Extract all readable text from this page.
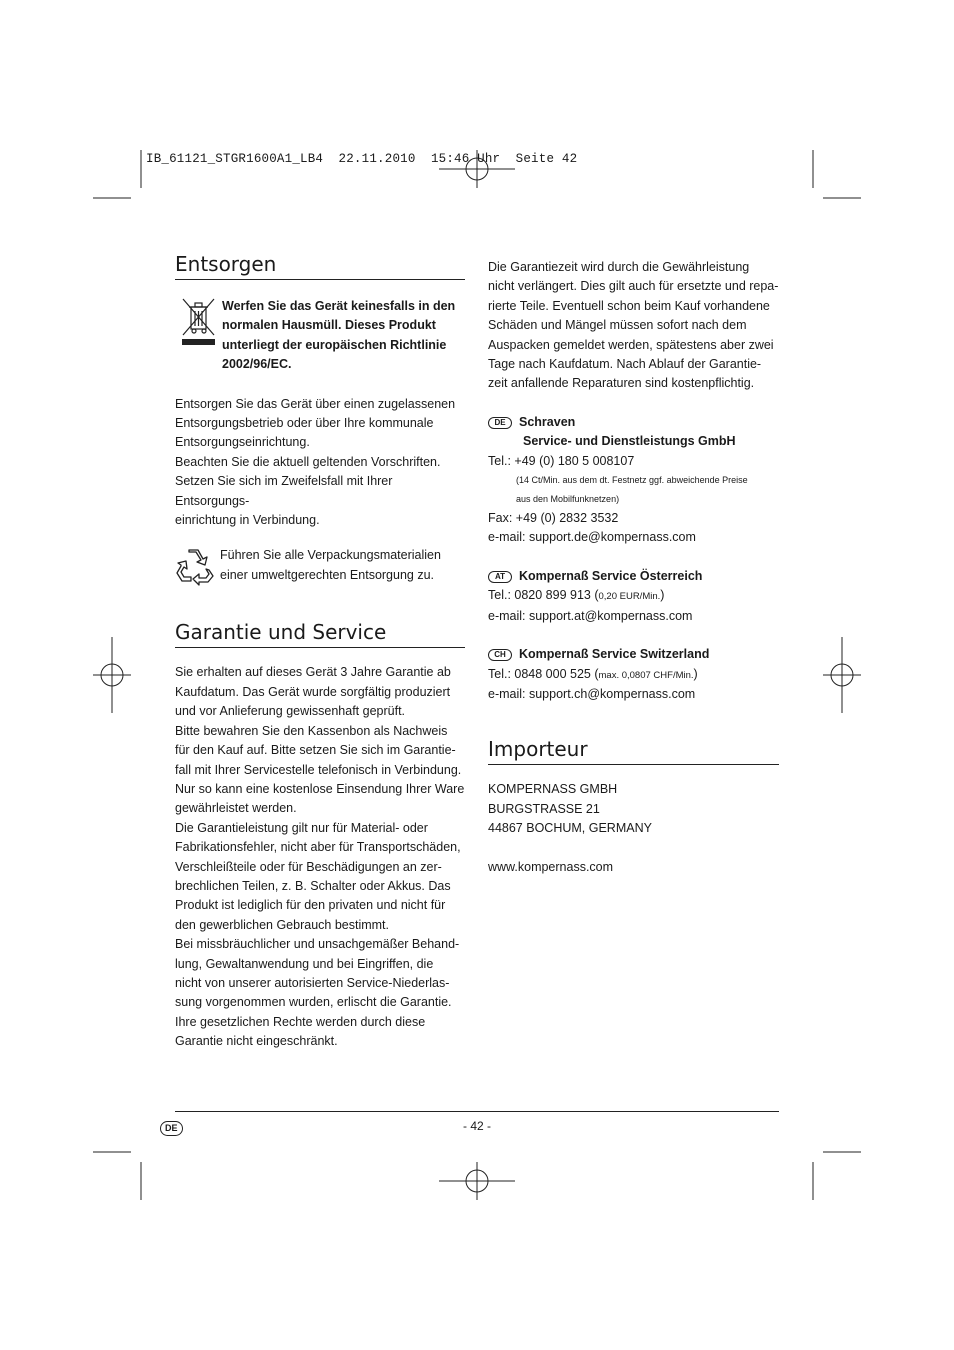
IB_61121_STGR1600A1_LB4  22.11.2010  15:46 Uhr  Seite 42
Entsorgen
Werfen Sie das Gerät keinesfalls in den
normalen Hausmüll. Dieses Produkt
unterliegt der europäischen Richtlinie
2002/96/EC.

Entsorgen Sie das Gerät über einen zugelassenen
Entsorgungsbetrieb oder über Ihre kommunale
Entsorgungseinrichtung.
Beachten Sie die aktuell geltenden Vorschriften.
Setzen Sie sich im Zweifelsfall mit Ihrer Entsorgungs-
einrichtung in Verbindung.

Führen Sie alle Verpackungsmaterialien
einer umweltgerechten Entsorgung zu.

Garantie und Service

Sie erhalten auf dieses Gerät 3 Jahre Garantie ab
Kaufdatum. Das Gerät wurde sorgfältig produziert
und vor Anlieferung gewissenhaft geprüft.
Bitte bewahren Sie den Kassenbon als Nachweis
für den Kauf auf. Bitte setzen Sie sich im Garantie-
fall mit Ihrer Servicestelle telefonisch in Verbindung.
Nur so kann eine kostenlose Einsendung Ihrer Ware
gewährleistet werden.
Die Garantieleistung gilt nur für Material- oder
Fabrikationsfehler, nicht aber für Transportschäden,
Verschleißteile oder für Beschädigungen an zer-
brechlichen Teilen, z. B. Schalter oder Akkus. Das
Produkt ist lediglich für den privaten und nicht für
den gewerblichen Gebrauch bestimmt.
Bei missbräuchlicher und unsachgemäßer Behand-
lung, Gewaltanwendung und bei Eingriffen, die
nicht von unserer autorisierten Service-Niederlas-
sung vorgenommen wurden, erlischt die Garantie.
Ihre gesetzlichen Rechte werden durch diese
Garantie nicht eingeschränkt.

Die Garantiezeit wird durch die Gewährleistung
nicht verlängert. Dies gilt auch für ersetzte und repa-
rierte Teile. Eventuell schon beim Kauf vorhandene
Schäden und Mängel müssen sofort nach dem
Auspacken gemeldet werden, spätestens aber zwei
Tage nach Kaufdatum. Nach Ablauf der Garantie-
zeit anfallende Reparaturen sind kostenpflichtig.

DE Schraven

Service- und Dienstleistungs GmbH

Tel.: +49 (0) 180 5 008107

(14 Ct/Min. aus dem dt. Festnetz ggf. abweichende Preise

aus den Mobilfunknetzen)

Fax: +49 (0) 2832 3532

e-mail: support.de@kompernass.com

AT Kompernaß Service Österreich

Tel.: 0820 899 913 (0,20 EUR/Min.)

e-mail: support.at@kompernass.com

CH Kompernaß Service Switzerland

Tel.: 0848 000 525 (max. 0,0807 CHF/Min.)

e-mail: support.ch@kompernass.com

Importeur

KOMPERNASS GMBH
BURGSTRASSE 21
44867 BOCHUM, GERMANY

www.kompernass.com

DE	- 42 -
